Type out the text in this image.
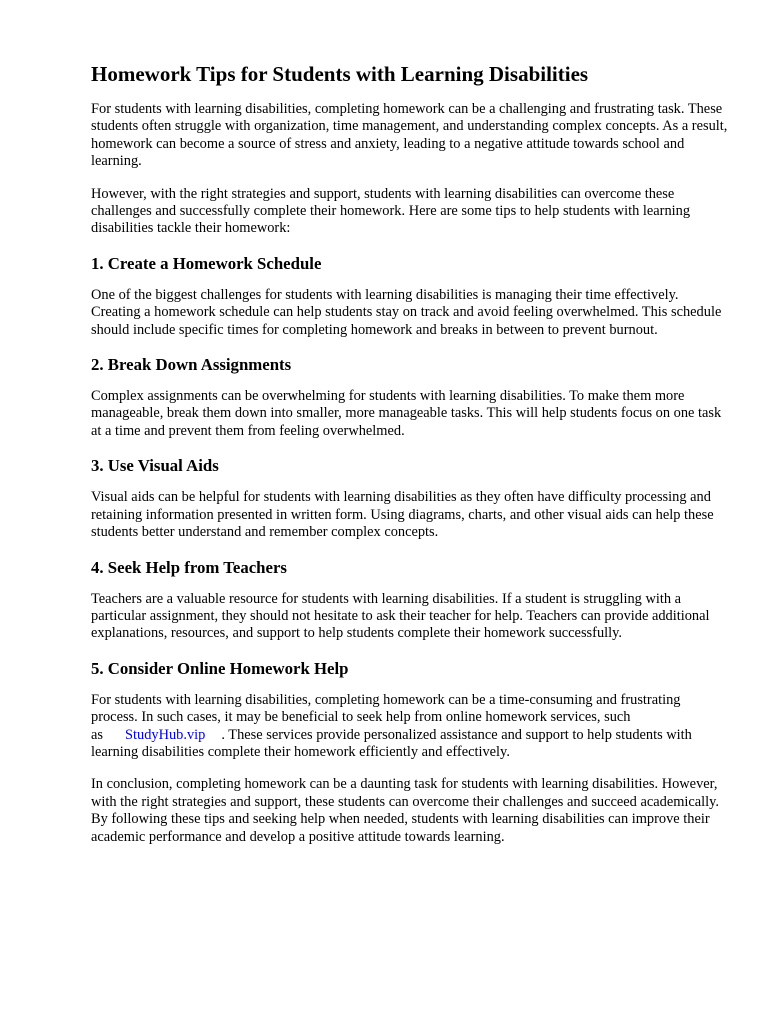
Homework Tips for Students with Learning Disabilities

For students with learning disabilities, completing homework can be a challenging and frustrating task. These students often struggle with organization, time management, and understanding complex concepts. As a result, homework can become a source of stress and anxiety, leading to a negative attitude towards school and learning.

However, with the right strategies and support, students with learning disabilities can overcome these challenges and successfully complete their homework. Here are some tips to help students with learning disabilities tackle their homework:

1. Create a Homework Schedule

One of the biggest challenges for students with learning disabilities is managing their time effectively. Creating a homework schedule can help students stay on track and avoid feeling overwhelmed. This schedule should include specific times for completing homework and breaks in between to prevent burnout.

2. Break Down Assignments

Complex assignments can be overwhelming for students with learning disabilities. To make them more manageable, break them down into smaller, more manageable tasks. This will help students focus on one task at a time and prevent them from feeling overwhelmed.

3. Use Visual Aids

Visual aids can be helpful for students with learning disabilities as they often have difficulty processing and retaining information presented in written form. Using diagrams, charts, and other visual aids can help these students better understand and remember complex concepts.

4. Seek Help from Teachers

Teachers are a valuable resource for students with learning disabilities. If a student is struggling with a particular assignment, they should not hesitate to ask their teacher for help. Teachers can provide additional explanations, resources, and support to help students complete their homework successfully.

5. Consider Online Homework Help

For students with learning disabilities, completing homework can be a time-consuming and frustrating process. In such cases, it may be beneficial to seek help from online homework services, such as StudyHub.vip . These services provide personalized assistance and support to help students with learning disabilities complete their homework efficiently and effectively.

In conclusion, completing homework can be a daunting task for students with learning disabilities. However, with the right strategies and support, these students can overcome their challenges and succeed academically. By following these tips and seeking help when needed, students with learning disabilities can improve their academic performance and develop a positive attitude towards learning.
